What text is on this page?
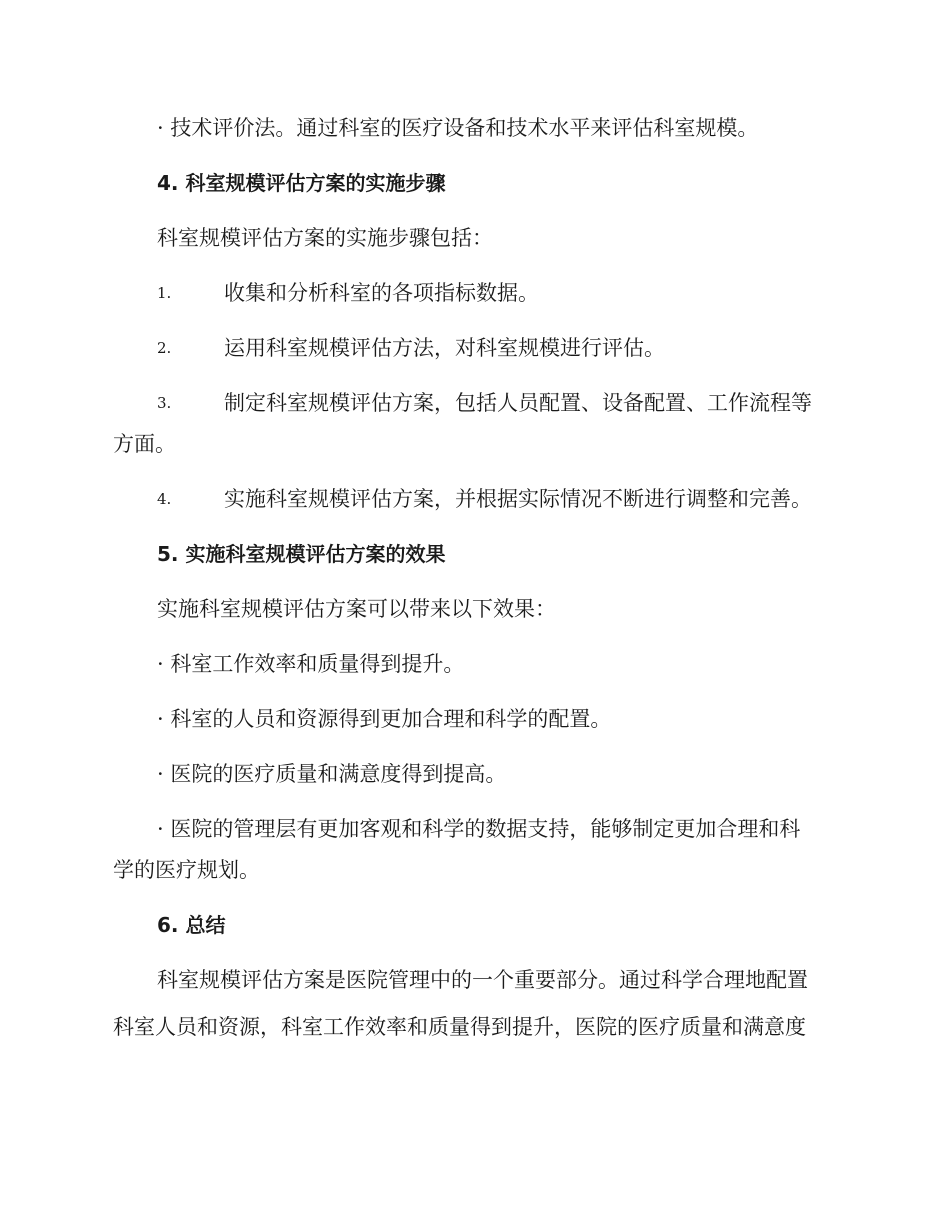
· 技术评价法。通过科室的医疗设备和技术水平来评估科室规模。
4. 科室规模评估方案的实施步骤
科室规模评估方案的实施步骤包括：
1.	收集和分析科室的各项指标数据。
2.	运用科室规模评估方法，对科室规模进行评估。
3.	制定科室规模评估方案，包括人员配置、设备配置、工作流程等
方面。
4.	实施科室规模评估方案，并根据实际情况不断进行调整和完善。
5. 实施科室规模评估方案的效果
实施科室规模评估方案可以带来以下效果：
· 科室工作效率和质量得到提升。
· 科室的人员和资源得到更加合理和科学的配置。
· 医院的医疗质量和满意度得到提高。
· 医院的管理层有更加客观和科学的数据支持，能够制定更加合理和科
学的医疗规划。
6. 总结
科室规模评估方案是医院管理中的一个重要部分。通过科学合理地配置
科室人员和资源，科室工作效率和质量得到提升，医院的医疗质量和满意度
